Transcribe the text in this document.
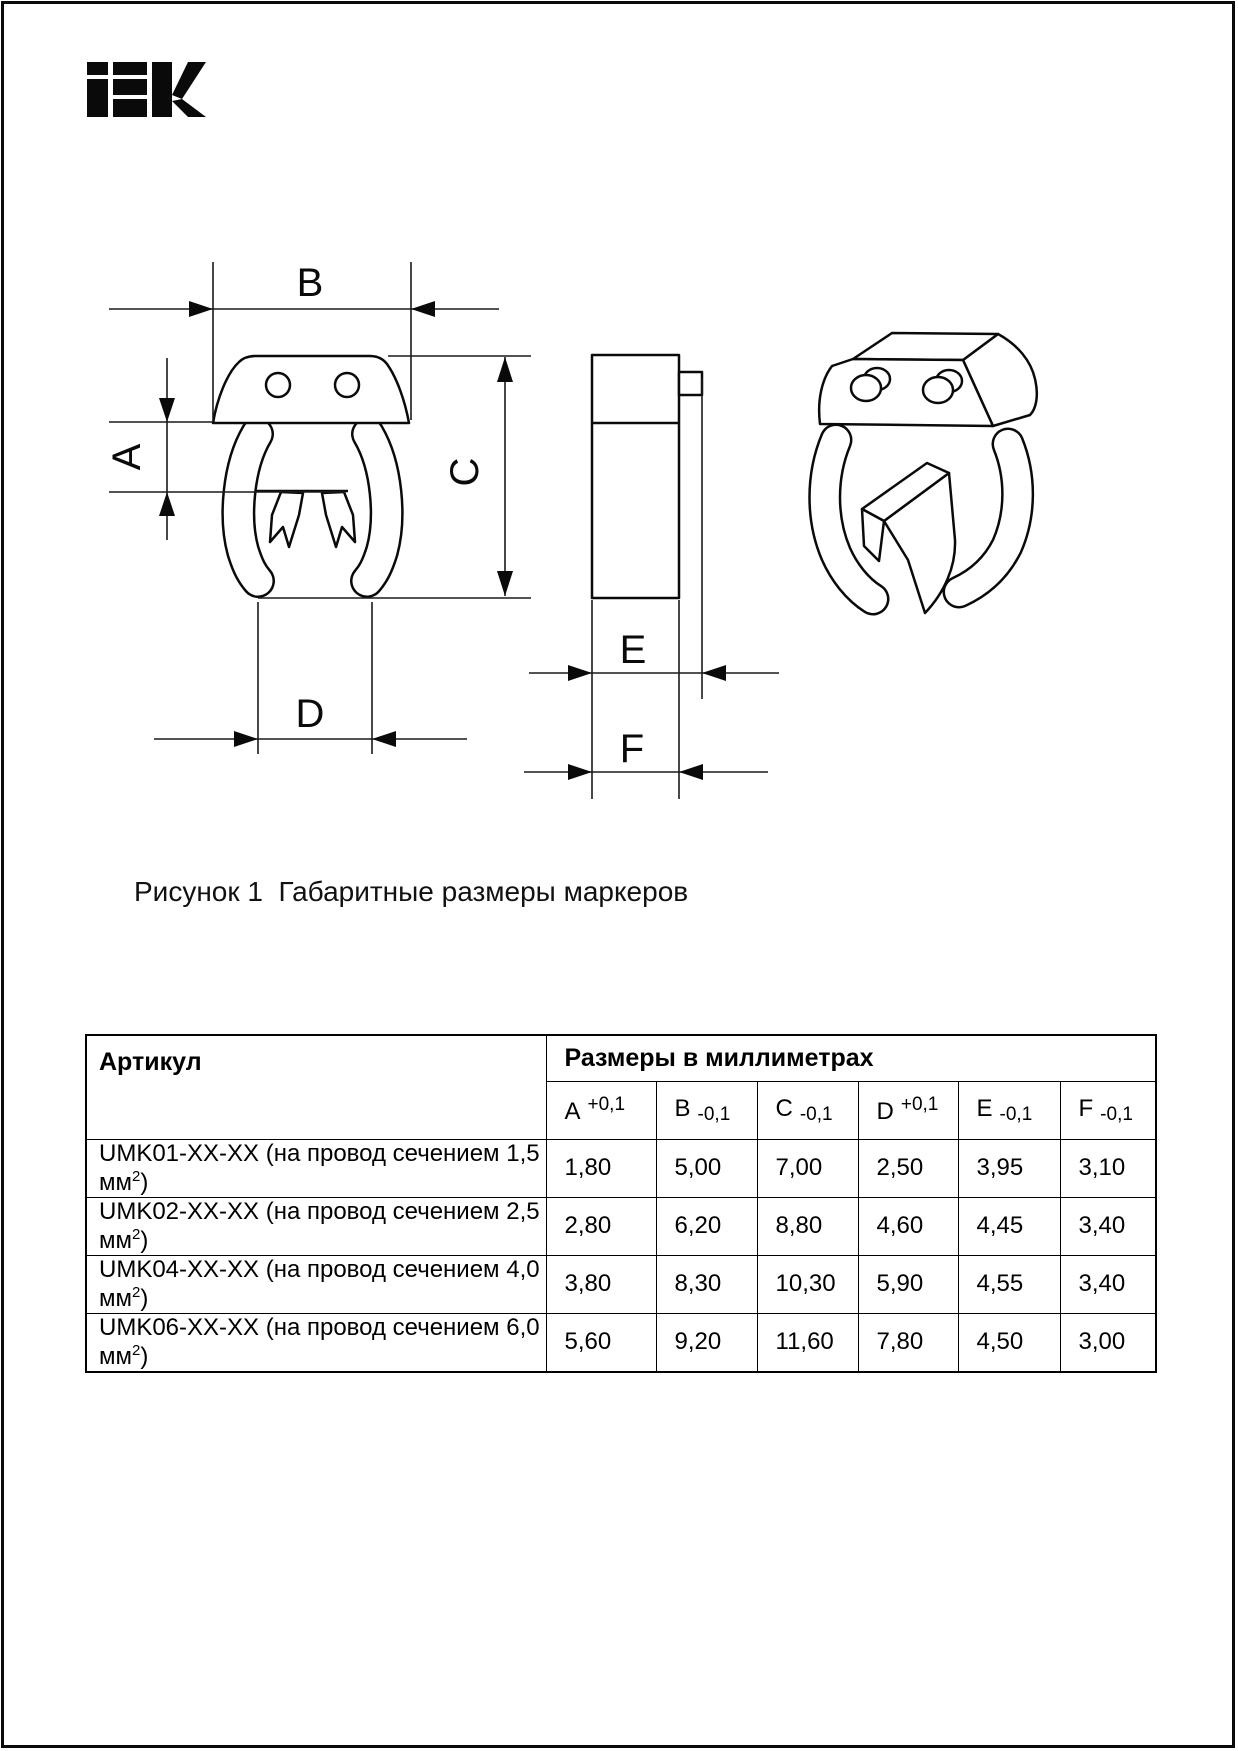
B
A
C
D
E
F
Рисунок 1  Габаритные размеры маркеров
Артикул	Размеры в миллиметрах					
	A $^{+0,1}$	B $_{-0,1}$	C $_{-0,1}$	D $^{+0,1}$	E $_{-0,1}$	F $_{-0,1}$
UMK01-XX-XX (на провод сечением 1,5 $мм^2$)	1,80	5,00	7,00	2,50	3,95	3,10
UMK02-XX-XX (на провод сечением 2,5 $мм^2$)	2,80	6,20	8,80	4,60	4,45	3,40
UMK04-XX-XX (на провод сечением 4,0 $мм^2$)	3,80	8,30	10,30	5,90	4,55	3,40
UMK06-XX-XX (на провод сечением 6,0 $мм^2$)	5,60	9,20	11,60	7,80	4,50	3,00
